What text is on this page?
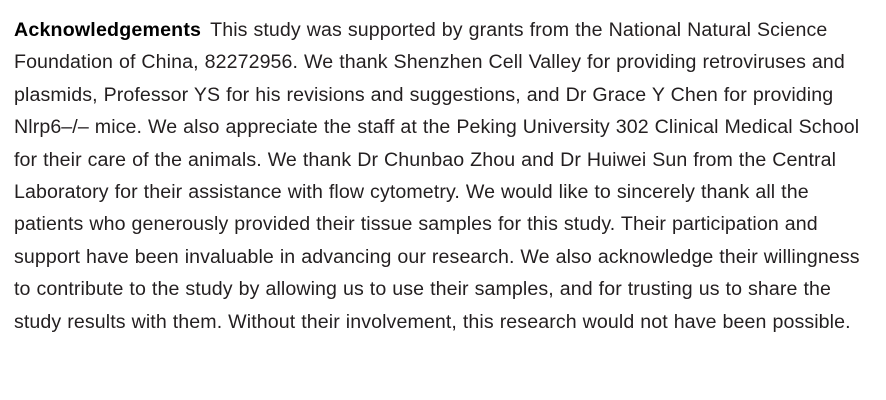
Acknowledgements This study was supported by grants from the National Natural Science Foundation of China, 82272956. We thank Shenzhen Cell Valley for providing retroviruses and plasmids, Professor YS for his revisions and suggestions, and Dr Grace Y Chen for providing Nlrp6–/– mice. We also appreciate the staff at the Peking University 302 Clinical Medical School for their care of the animals. We thank Dr Chunbao Zhou and Dr Huiwei Sun from the Central Laboratory for their assistance with flow cytometry. We would like to sincerely thank all the patients who generously provided their tissue samples for this study. Their participation and support have been invaluable in advancing our research. We also acknowledge their willingness to contribute to the study by allowing us to use their samples, and for trusting us to share the study results with them. Without their involvement, this research would not have been possible.
